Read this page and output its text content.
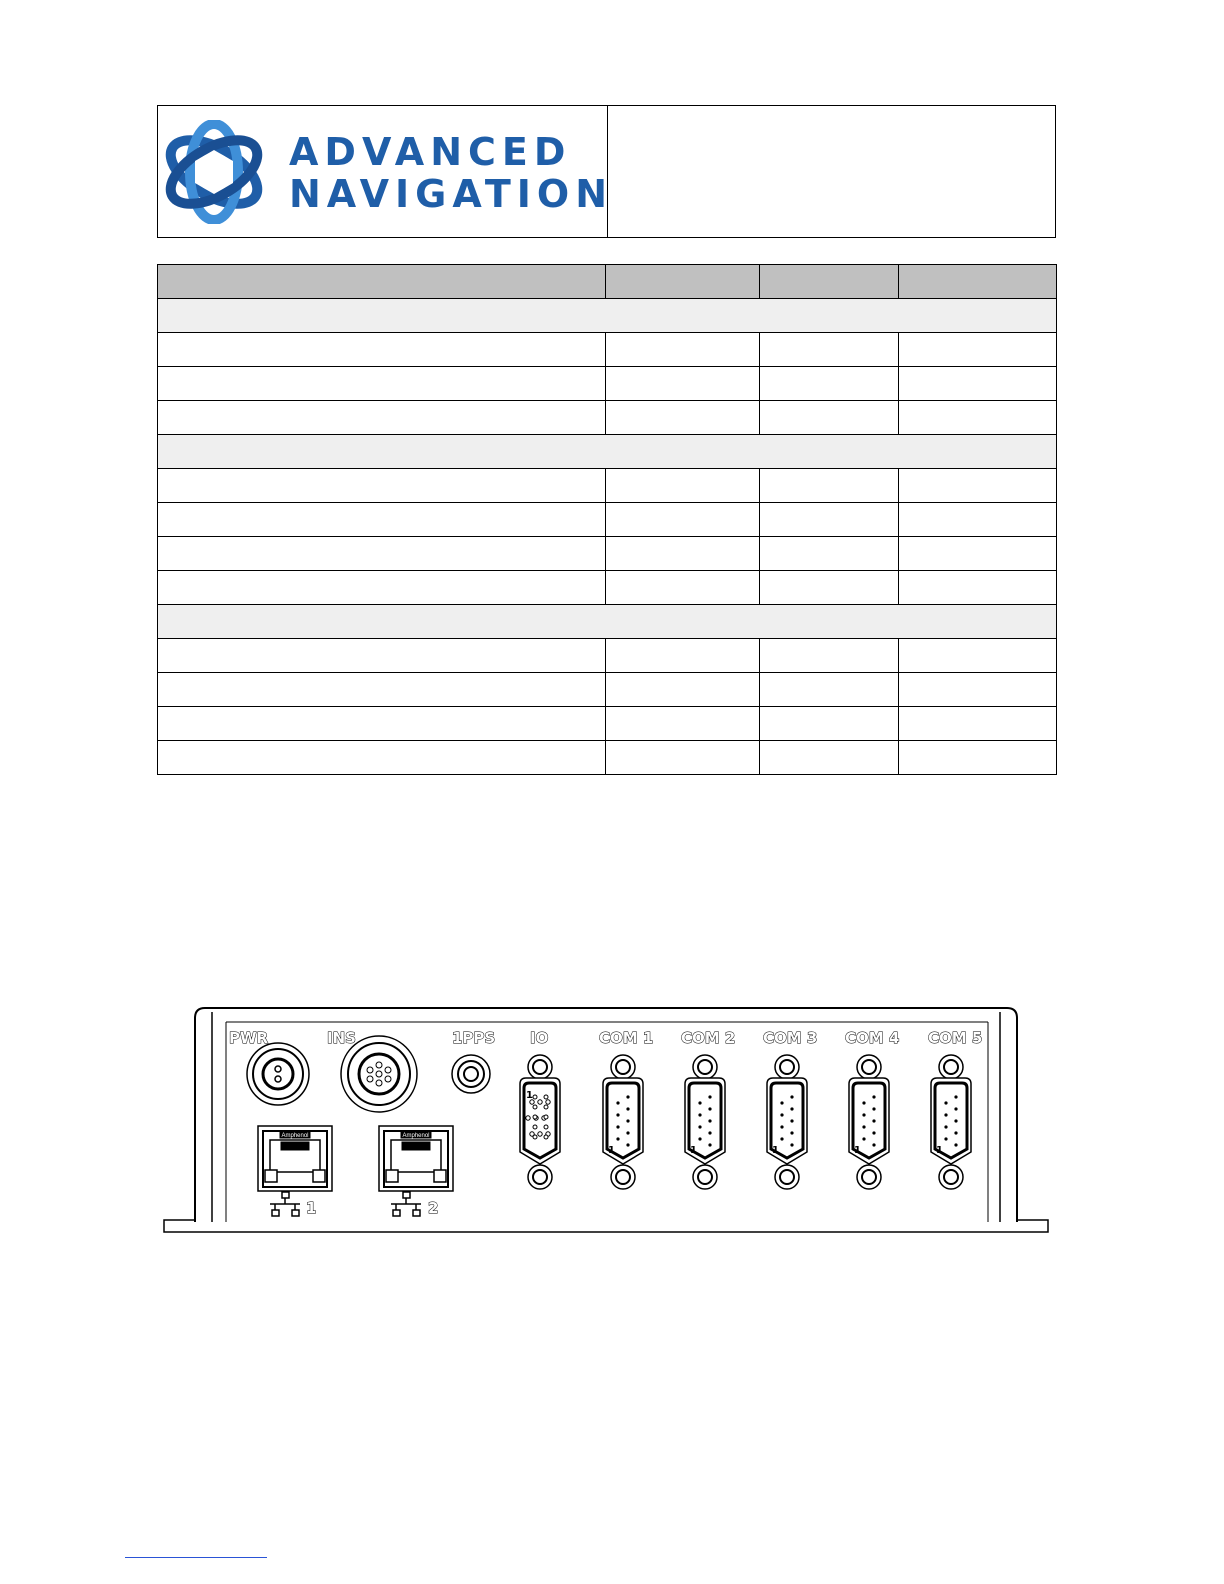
ADVANCED
NAVIGATION

PWR	INS	1PPS IO	COM 1 COM 2 COM 3 COM 4 COM 5
Amphenol
1
Amphenol
2
1
1	1	1	1	1
